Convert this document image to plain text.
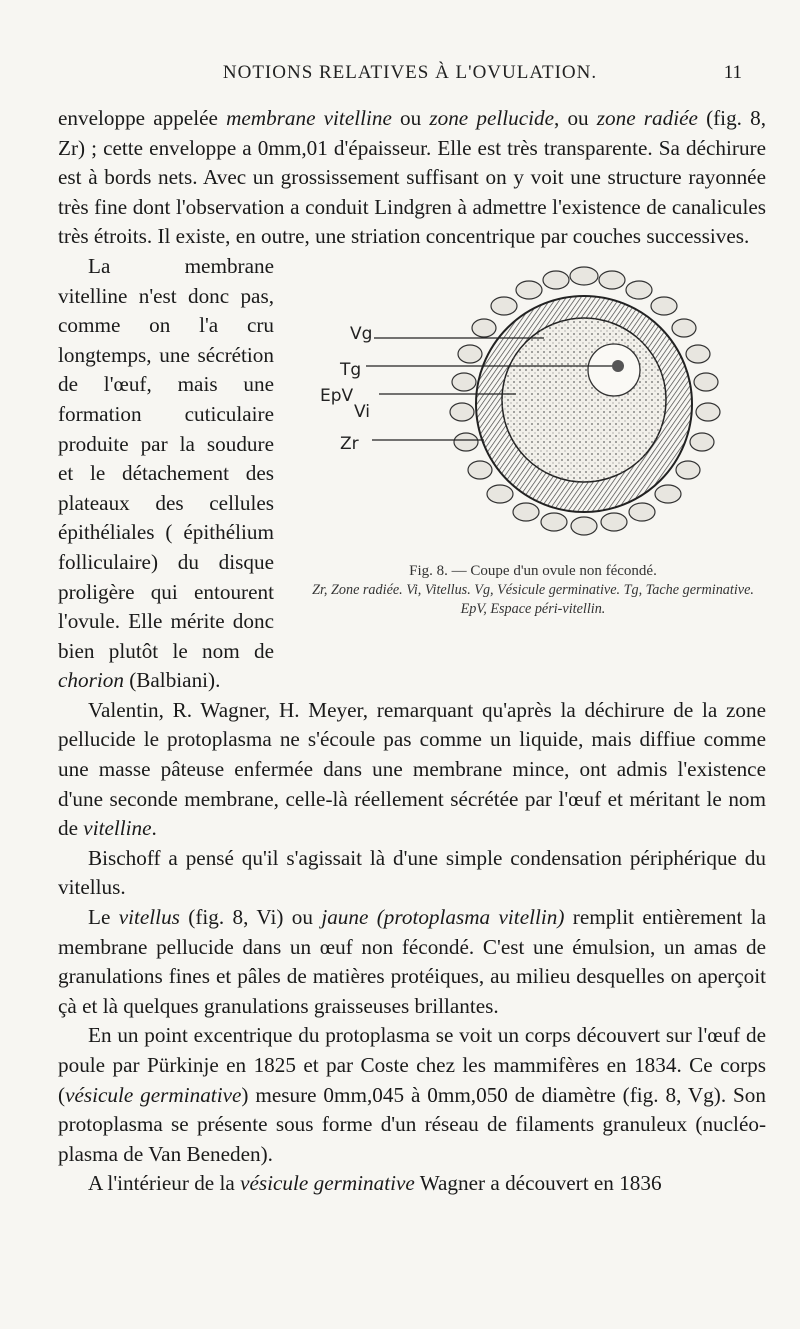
NOTIONS RELATIVES À L'OVULATION.	11

enveloppe appelée membrane vitelline ou zone pellucide, ou zone radiée (fig. 8, Zr) ; cette enveloppe a 0mm,01 d'épaisseur. Elle est très transparente. Sa déchirure est à bords nets. Avec un grossissement suffisant on y voit une structure rayonnée très fine dont l'observation a conduit Lindgren à admettre l'existence de canalicules très étroits. Il existe, en outre, une striation concentrique par couches successives.

Vg
Tg
EpV
Vi
Zr
Fig. 8. — Coupe d'un ovule non fécondé.
Zr, Zone radiée. Vi, Vitellus. Vg, Vésicule germinative. Tg, Tache germinative. EpV, Espace péri-vitellin.

La membrane vitelline n'est donc pas, comme on l'a cru longtemps, une sécrétion de l'œuf, mais une formation cuticulaire produite par la soudure et le détachement des plateaux des cellules épithéliales ( épithélium folliculaire) du disque proligère qui entourent l'ovule. Elle mérite donc bien plutôt le nom de chorion (Balbiani).

Valentin, R. Wagner, H. Meyer, remarquant qu'après la déchirure de la zone pellucide le protoplasma ne s'écoule pas comme un liquide, mais diffiue comme une masse pâteuse enfermée dans une membrane mince, ont admis l'existence d'une seconde membrane, celle-là réellement sécrétée par l'œuf et méritant le nom de vitelline.

Bischoff a pensé qu'il s'agissait là d'une simple condensation périphérique du vitellus.

Le vitellus (fig. 8, Vi) ou jaune (protoplasma vitellin) remplit entièrement la membrane pellucide dans un œuf non fécondé. C'est une émulsion, un amas de granulations fines et pâles de matières protéiques, au milieu desquelles on aperçoit çà et là quelques granulations graisseuses brillantes.

En un point excentrique du protoplasma se voit un corps découvert sur l'œuf de poule par Pürkinje en 1825 et par Coste chez les mammifères en 1834. Ce corps (vésicule germinative) mesure 0mm,045 à 0mm,050 de diamètre (fig. 8, Vg). Son protoplasma se présente sous forme d'un réseau de filaments granuleux (nucléo-plasma de Van Beneden).

A l'intérieur de la vésicule germinative Wagner a découvert en 1836
